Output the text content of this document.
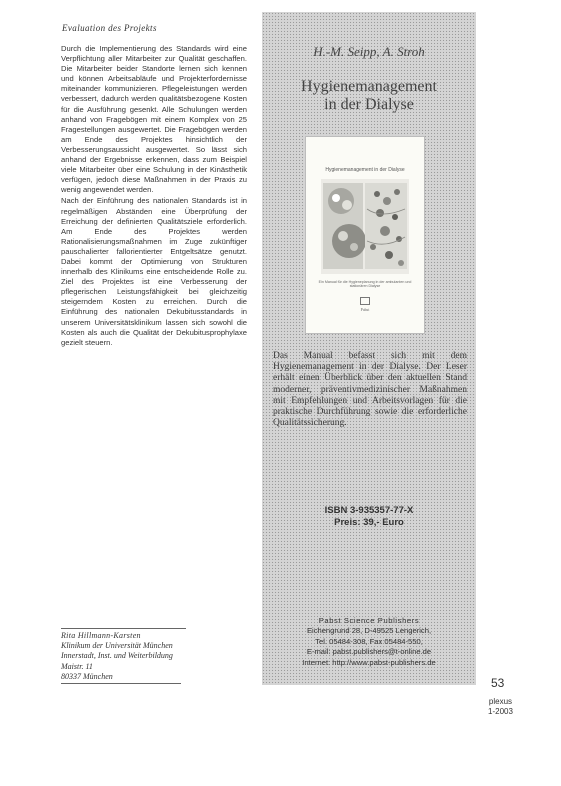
Evaluation des Projekts

Durch die Implementierung des Standards wird eine Verpflichtung aller Mitarbeiter zur Qualität geschaffen. Die Mitarbeiter beider Standorte lernen sich kennen und können Arbeitsabläufe und Projekterfordernisse miteinander kommunizieren. Pflegeleistungen werden verbessert, dadurch werden qualitätsbezogene Kosten für die Ausführung gesenkt. Alle Schulungen werden anhand von Fragebögen mit einem Komplex von 25 Fragestellungen ausgewertet. Die Fragebögen werden am Ende des Projektes hinsichtlich der Verbesserungsaussicht ausgewertet. So lässt sich anhand der Ergebnisse erkennen, dass zum Beispiel viele Mitarbeiter über eine Schulung in der Kinästhetik verfügen, jedoch diese Maßnahmen in der Praxis zu wenig angewendet werden.

Nach der Einführung des nationalen Standards ist in regelmäßigen Abständen eine Überprüfung der Erreichung der definierten Qualitätsziele erforderlich. Am Ende des Projektes werden Rationalisierungsmaßnahmen im Zuge zukünftiger pauschalierter fallorientierter Entgeltsätze genutzt. Dabei kommt der Optimierung von Strukturen innerhalb des Klinikums eine entscheidende Rolle zu. Ziel des Projektes ist eine Verbesserung der pflegerischen Leistungsfähigkeit bei gleichzeitig steigerndem Kosten zu erreichen. Durch die Einführung des nationalen Dekubitusstandards in unserem Universitätsklinikum lassen sich sowohl die Kosten als auch die Qualität der Dekubitusprophylaxe gezielt steuern.

Rita Hillmann-Karsten
Klinikum der Universität München
Innerstadt, Inst. und Weiterbildung
Maistr. 11
80337 München
H.-M. Seipp, A. Stroh
Hygienemanagement
in der Dialyse
Hygienemanagement in der Dialyse
Ein Manual für die Hygieneplanung in der ambulanten und stationären Dialyse
Pabst
Das Manual befasst sich mit dem Hygienemanagement in der Dialyse. Der Leser erhält einen Überblick über den aktuellen Stand moderner, präventivmedizinischer Maßnahmen mit Empfehlungen und Arbeitsvorlagen für die praktische Durchführung sowie die erforderliche Qualitätssicherung.
ISBN 3-935357-77-X
Preis: 39,- Euro
Pabst Science Publishers
Eichengrund 28, D-49525 Lengerich,
Tel. 05484-308, Fax 05484-550,
E-mail: pabst.publishers@t-online.de
Internet: http://www.pabst-publishers.de
53
plexus
1-2003
